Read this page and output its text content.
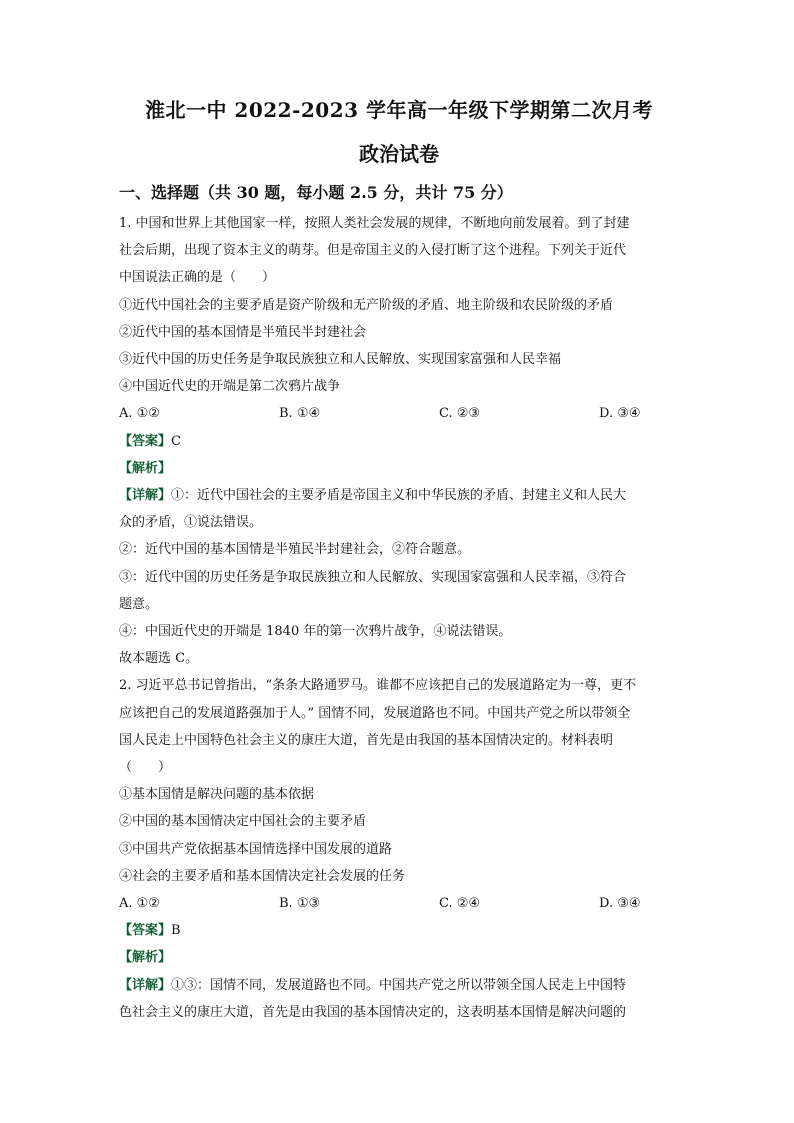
淮北一中 2022-2023 学年高一年级下学期第二次月考
政治试卷
一、选择题（共 30 题，每小题 2.5 分，共计 75 分）

1. 中国和世界上其他国家一样，按照人类社会发展的规律，不断地向前发展着。到了封建

社会后期，出现了资本主义的萌芽。但是帝国主义的入侵打断了这个进程。下列关于近代

中国说法正确的是（　　）

①近代中国社会的主要矛盾是资产阶级和无产阶级的矛盾、地主阶级和农民阶级的矛盾

②近代中国的基本国情是半殖民半封建社会

③近代中国的历史任务是争取民族独立和人民解放、实现国家富强和人民幸福

④中国近代史的开端是第二次鸦片战争

A. ①②	B. ①④	C. ②③	D. ③④

【答案】C

【解析】

【详解】①：近代中国社会的主要矛盾是帝国主义和中华民族的矛盾、封建主义和人民大

众的矛盾，①说法错误。

②：近代中国的基本国情是半殖民半封建社会，②符合题意。

③：近代中国的历史任务是争取民族独立和人民解放、实现国家富强和人民幸福，③符合

题意。

④：中国近代史的开端是 1840 年的第一次鸦片战争，④说法错误。

故本题选 C。

2. 习近平总书记曾指出，“条条大路通罗马。谁都不应该把自己的发展道路定为一尊，更不

应该把自己的发展道路强加于人。” 国情不同，发展道路也不同。中国共产党之所以带领全

国人民走上中国特色社会主义的康庄大道，首先是由我国的基本国情决定的。材料表明

（　　）

①基本国情是解决问题的基本依据

②中国的基本国情决定中国社会的主要矛盾

③中国共产党依据基本国情选择中国发展的道路

④社会的主要矛盾和基本国情决定社会发展的任务

A. ①②	B. ①③	C. ②④	D. ③④

【答案】B

【解析】

【详解】①③：国情不同，发展道路也不同。中国共产党之所以带领全国人民走上中国特

色社会主义的康庄大道，首先是由我国的基本国情决定的，这表明基本国情是解决问题的
